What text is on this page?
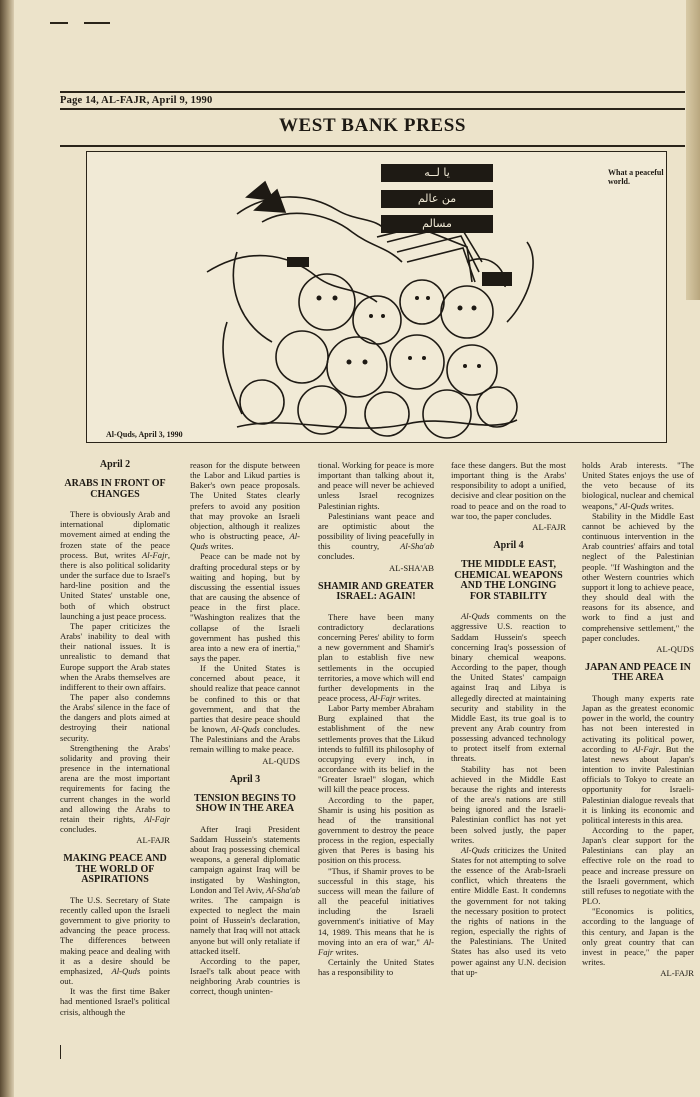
Page 14, AL-FAJR, April 9, 1990
WEST BANK PRESS
يا لــه
من عالم
مسالم
What a peaceful world.
Al-Quds, April 3, 1990

April 2

ARABS IN FRONT OF CHANGES

There is obviously Arab and international diplomatic movement aimed at ending the frozen state of the peace process. But, writes Al-Fajr, there is also political solidarity under the surface due to Israel's hard-line position and the United States' unstable one, both of which obstruct launching a just peace process.

The paper criticizes the Arabs' inability to deal with their national issues. It is unrealistic to demand that Europe support the Arab states when the Arabs themselves are indifferent to their own affairs.

The paper also condemns the Arabs' silence in the face of the dangers and plots aimed at destroying their national security.

Strengthening the Arabs' solidarity and proving their presence in the international arena are the most important requirements for facing the current changes in the world and allowing the Arabs to retain their rights, Al-Fajr concludes.

AL-FAJR

MAKING PEACE AND THE WORLD OF ASPIRATIONS

The U.S. Secretary of State recently called upon the Israeli government to give priority to advancing the peace process. The differences between making peace and dealing with it as a desire should be emphasized, Al-Quds points out.

It was the first time Baker had mentioned Israel's political crisis, although the

reason for the dispute between the Labor and Likud parties is Baker's own peace proposals. The United States clearly prefers to avoid any position that may provoke an Israeli objection, although it realizes who is obstructing peace, Al-Quds writes.

Peace can be made not by drafting procedural steps or by waiting and hoping, but by discussing the essential issues that are causing the absence of peace in the first place. "Washington realizes that the collapse of the Israeli government has pushed this area into a new era of inertia," says the paper.

If the United States is concerned about peace, it should realize that peace cannot be confined to this or that government, and that the parties that desire peace should be known, Al-Quds concludes. The Palestinians and the Arabs remain willing to make peace.

AL-QUDS

April 3

TENSION BEGINS TO SHOW IN THE AREA

After Iraqi President Saddam Hussein's statements about Iraq possessing chemical weapons, a general diplomatic campaign against Iraq will be instigated by Washington, London and Tel Aviv, Al-Sha'ab writes. The campaign is expected to neglect the main point of Hussein's declaration, namely that Iraq will not attack anyone but will only retaliate if attacked itself.

According to the paper, Israel's talk about peace with neighboring Arab countries is correct, though uninten-

tional. Working for peace is more important than talking about it, and peace will never be achieved unless Israel recognizes Palestinian rights.

Palestinians want peace and are optimistic about the possibility of living peacefully in this country, Al-Sha'ab concludes.

AL-SHA'AB

SHAMIR AND GREATER ISRAEL: AGAIN!

There have been many contradictory declarations concerning Peres' ability to form a new government and Shamir's plan to establish five new settlements in the occupied territories, a move which will end further developments in the peace process, Al-Fajr writes.

Labor Party member Abraham Burg explained that the establishment of the new settlements proves that the Likud intends to fulfill its philosophy of occupying every inch, in accordance with its belief in the "Greater Israel" slogan, which will kill the peace process.

According to the paper, Shamir is using his position as head of the transitional government to destroy the peace process in the region, especially given that Peres is basing his position on this process.

"Thus, if Shamir proves to be successful in this stage, his success will mean the failure of all the peaceful initiatives including the Israeli government's initiative of May 14, 1989. This means that he is moving into an era of war," Al-Fajr writes.

Certainly the United States has a responsibility to

face these dangers. But the most important thing is the Arabs' responsibility to adopt a unified, decisive and clear position on the road to peace and on the road to war too, the paper concludes.

AL-FAJR

April 4

THE MIDDLE EAST, CHEMICAL WEAPONS AND THE LONGING FOR STABILITY

Al-Quds comments on the aggressive U.S. reaction to Saddam Hussein's speech concerning Iraq's possession of binary chemical weapons. According to the paper, though the United States' campaign against Iraq and Libya is allegedly directed at maintaining security and stability in the Middle East, its true goal is to prevent any Arab country from possessing advanced technology to protect itself from external threats.

Stability has not been achieved in the Middle East because the rights and interests of the area's nations are still being ignored and the Israeli-Palestinian conflict has not yet been solved justly, the paper writes.

Al-Quds criticizes the United States for not attempting to solve the essence of the Arab-Israeli conflict, which threatens the entire Middle East. It condemns the government for not taking the necessary position to protect the rights of nations in the region, especially the rights of the Palestinians. The United States has also used its veto power against any U.N. decision that up-

holds Arab interests. "The United States enjoys the use of the veto because of its biological, nuclear and chemical weapons," Al-Quds writes.

Stability in the Middle East cannot be achieved by the continuous intervention in the Arab countries' affairs and total neglect of the Palestinian people. "If Washington and the other Western countries which support it long to achieve peace, they should deal with the reasons for its absence, and work to find a just and comprehensive settlement," the paper concludes.

AL-QUDS

JAPAN AND PEACE IN THE AREA

Though many experts rate Japan as the greatest economic power in the world, the country has not been interested in activating its political power, according to Al-Fajr. But the latest news about Japan's intention to invite Palestinian officials to Tokyo to create an opportunity for Israeli-Palestinian dialogue reveals that it is linking its economic and political interests in this area.

According to the paper, Japan's clear support for the Palestinians can play an effective role on the road to peace and increase pressure on the Israeli government, which still refuses to negotiate with the PLO.

"Economics is politics, according to the language of this century, and Japan is the only great country that can invest in peace," the paper writes.

AL-FAJR
